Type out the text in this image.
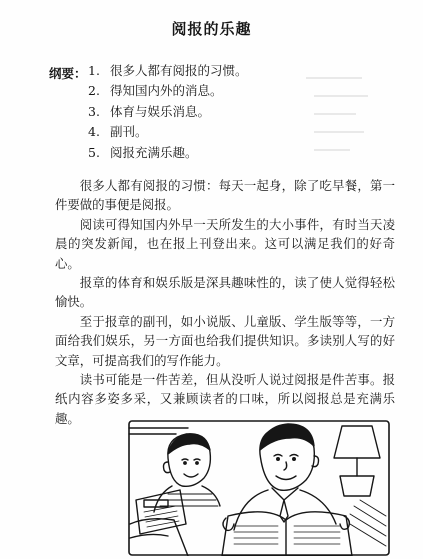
阅报的乐趣
纲要： 1. 很多人都有阅报的习惯。
2. 得知国内外的消息。
3. 体育与娱乐消息。
4. 副刊。
5. 阅报充满乐趣。

很多人都有阅报的习惯：每天一起身，除了吃早餐，第一件要做的事便是阅报。

阅读可得知国内外早一天所发生的大小事件，有时当天凌晨的突发新闻，也在报上刊登出来。这可以满足我们的好奇心。

报章的体育和娱乐版是深具趣味性的，读了使人觉得轻松愉快。

至于报章的副刊，如小说版、儿童版、学生版等等，一方面给我们娱乐，另一方面也给我们提供知识。多读别人写的好文章，可提高我们的写作能力。

读书可能是一件苦差，但从没听人说过阅报是件苦事。报纸内容多姿多采，又兼顾读者的口味，所以阅报总是充满乐趣。
